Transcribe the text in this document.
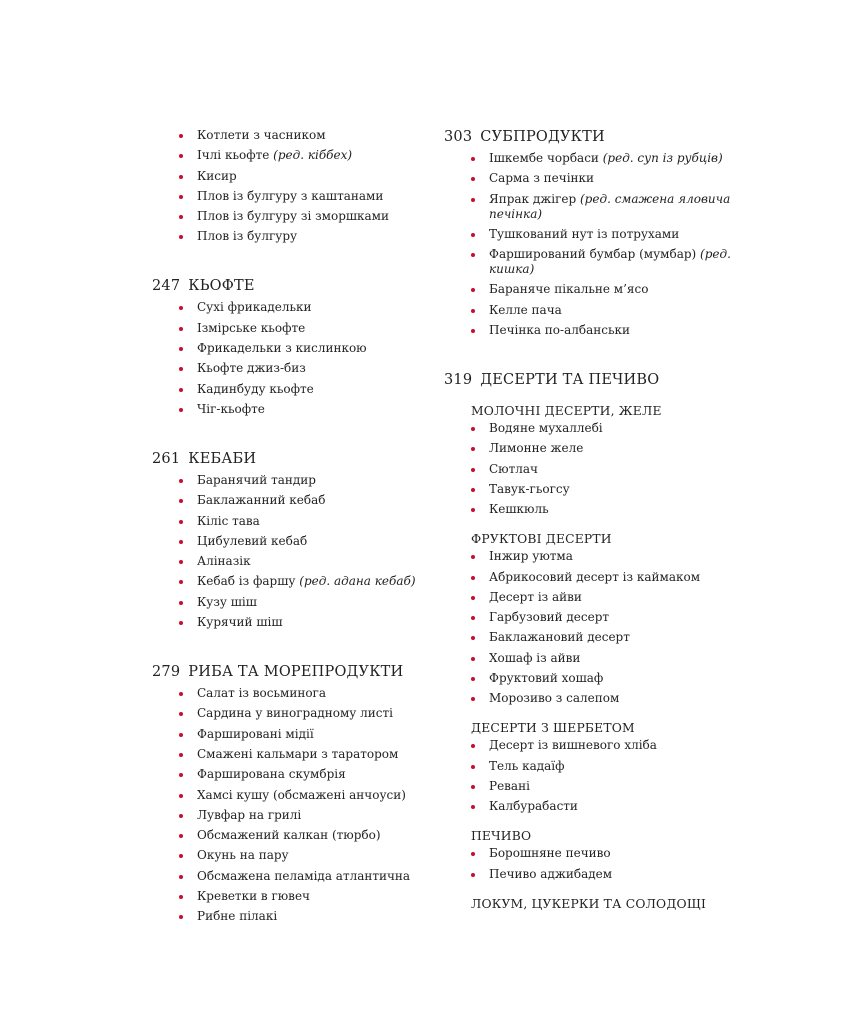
Котлети з часником
Ічлі кьофте (ред. кіббех)
Кисир
Плов із булгуру з каштанами
Плов із булгуру зі зморшками
Плов із булгуру
247 КЬОФТЕ
Сухі фрикадельки
Ізмірське кьофте
Фрикадельки з кислинкою
Кьофте джиз-биз
Кадинбуду кьофте
Чіг-кьофте
261 КЕБАБИ
Баранячий тандир
Баклажанний кебаб
Кіліс тава
Цибулевий кебаб
Аліназік
Кебаб із фаршу (ред. адана кебаб)
Кузу шіш
Курячий шіш
279 РИБА ТА МОРЕПРОДУКТИ
Салат із восьминога
Сардина у виноградному листі
Фаршировані мідії
Смажені кальмари з таратором
Фарширована скумбрія
Хамсі кушу (обсмажені анчоуси)
Лувфар на грилі
Обсмажений калкан (тюрбо)
Окунь на пару
Обсмажена пеламіда атлантична
Креветки в гювеч
Рибне пілакі
303 СУБПРОДУКТИ
Ішкембе чорбаси (ред. суп із рубців)
Сарма з печінки
Япрак джігер (ред. смажена яловича печінка)
Тушкований нут із потрухами
Фарширований бумбар (мумбар) (ред. кишка)
Бараняче пікальне м’ясо
Келле пача
Печінка по-албанськи
319 ДЕСЕРТИ ТА ПЕЧИВО
МОЛОЧНІ ДЕСЕРТИ, ЖЕЛЕ
Водяне мухаллебі
Лимонне желе
Сютлач
Тавук-гьогсу
Кешкюль
ФРУКТОВІ ДЕСЕРТИ
Інжир уютма
Абрикосовий десерт із каймаком
Десерт із айви
Гарбузовий десерт
Баклажановий десерт
Хошаф із айви
Фруктовий хошаф
Морозиво з салепом
ДЕСЕРТИ З ШЕРБЕТОМ
Десерт із вишневого хліба
Тель кадаїф
Ревані
Калбурабасти
ПЕЧИВО
Борошняне печиво
Печиво аджибадем
ЛОКУМ, ЦУКЕРКИ ТА СОЛОДОЩІ
